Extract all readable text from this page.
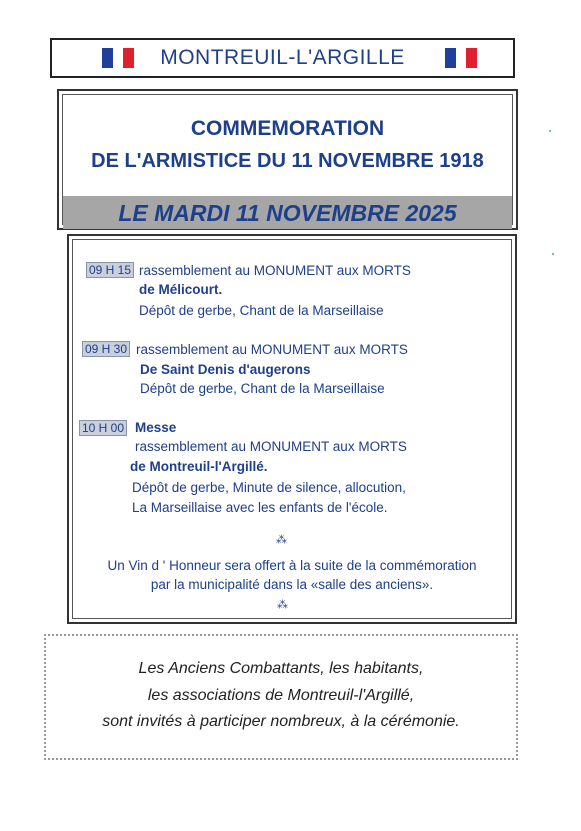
MONTREUIL-L'ARGILLE
COMMEMORATION
DE L'ARMISTICE DU 11 NOVEMBRE 1918
LE MARDI 11 NOVEMBRE 2025
09 H 15 rassemblement au MONUMENT aux MORTS
de Mélicourt.
Dépôt de gerbe, Chant de la Marseillaise
09 H 30 rassemblement au MONUMENT aux MORTS
De Saint Denis d'augerons
Dépôt de gerbe, Chant de la Marseillaise
10 H 00 Messe
rassemblement au MONUMENT aux MORTS
de Montreuil-l'Argillé.
Dépôt de gerbe, Minute de silence, allocution,
La Marseillaise avec les enfants de l'école.
⁂
Un Vin d ' Honneur sera offert à la suite de la commémoration
par la municipalité dans la «salle des anciens».
⁂
Les Anciens Combattants, les habitants,
les associations de Montreuil-l'Argillé,
sont invités à participer nombreux, à la cérémonie.
